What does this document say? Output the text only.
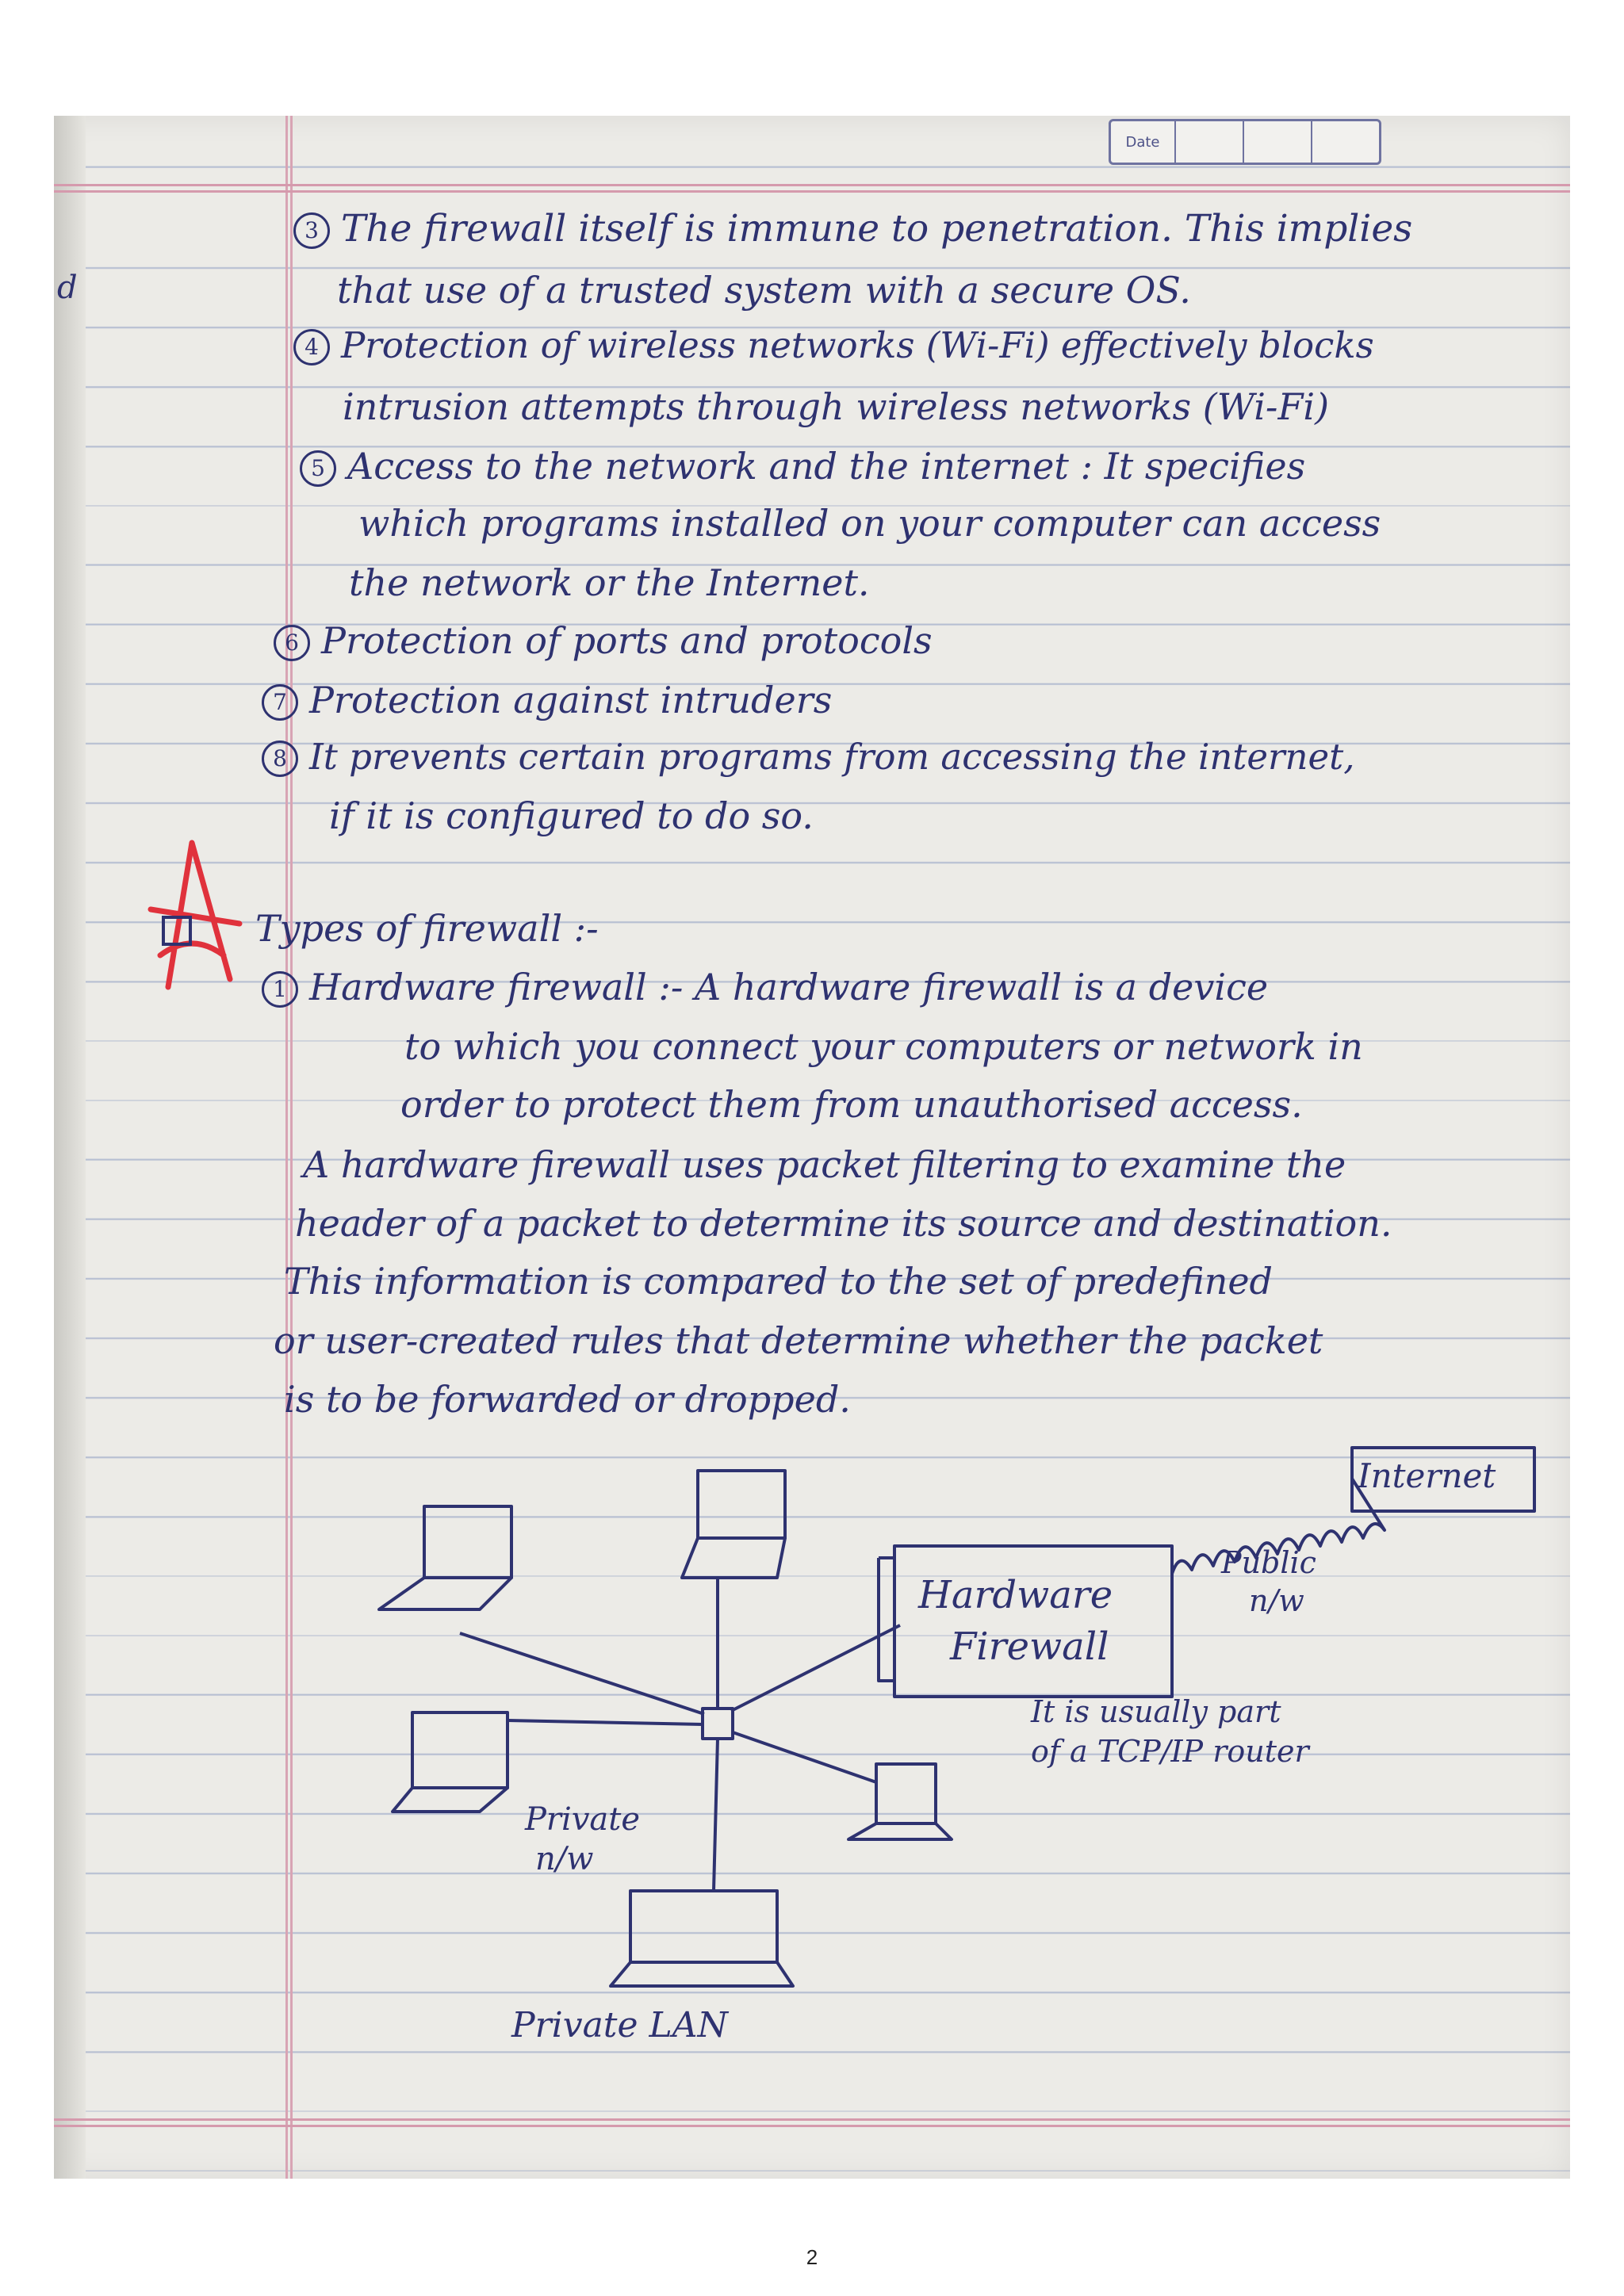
Date
d
3 The firewall itself is immune to penetration. This implies
that use of a trusted system with a secure OS.
4 Protection of wireless networks (Wi-Fi) effectively blocks
intrusion attempts through wireless networks (Wi-Fi)
5 Access to the network and the internet : It specifies
which programs installed on your computer can access
the network or the Internet.
6 Protection of ports and protocols
7 Protection against intruders
8 It prevents certain programs from accessing the internet,
if it is configured to do so.
Types of firewall :-
1 Hardware firewall :- A hardware firewall is a device
to which you connect your computers or network in
order to protect them from unauthorised access.
A hardware firewall uses packet filtering to examine the
header of a packet to determine its source and destination.
This information is compared to the set of predefined
or user-created rules that determine whether the packet
is to be forwarded or dropped.
Internet
Public
n/w
Hardware
Firewall
It is usually part
of a TCP/IP router
Private
n/w
Private LAN
2
